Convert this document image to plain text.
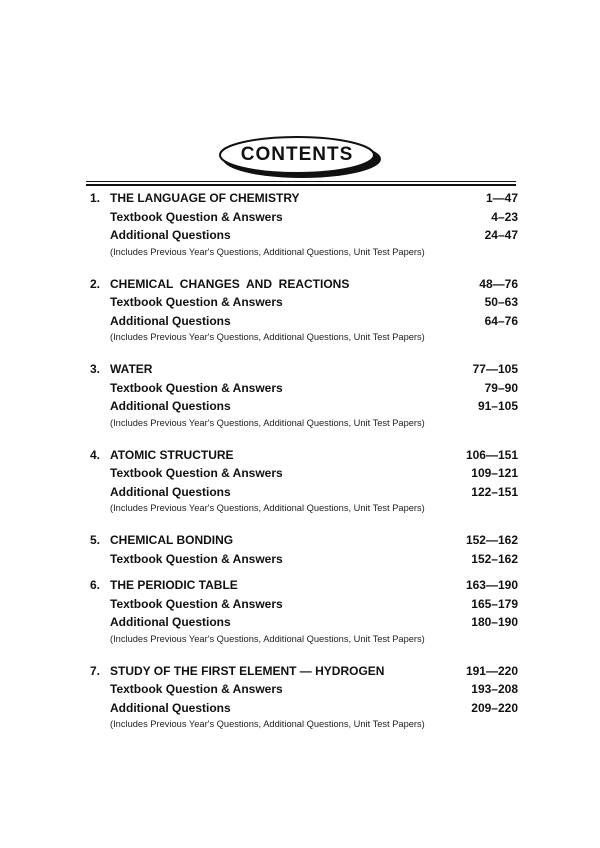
CONTENTS
1. THE LANGUAGE OF CHEMISTRY	1—47
Textbook Question & Answers	4–23
Additional Questions	24–47
(Includes Previous Year's Questions, Additional Questions, Unit Test Papers)
2. CHEMICAL  CHANGES  AND  REACTIONS	48—76
Textbook Question & Answers	50–63
Additional Questions	64–76
(Includes Previous Year's Questions, Additional Questions, Unit Test Papers)
3. WATER	77—105
Textbook Question & Answers	79–90
Additional Questions	91–105
(Includes Previous Year's Questions, Additional Questions, Unit Test Papers)
4. ATOMIC STRUCTURE	106—151
Textbook Question & Answers	109–121
Additional Questions	122–151
(Includes Previous Year's Questions, Additional Questions, Unit Test Papers)
5. CHEMICAL BONDING	152—162
Textbook Question & Answers	152–162
6. THE PERIODIC TABLE	163—190
Textbook Question & Answers	165–179
Additional Questions	180–190
(Includes Previous Year's Questions, Additional Questions, Unit Test Papers)
7. STUDY OF THE FIRST ELEMENT — HYDROGEN	191—220
Textbook Question & Answers	193–208
Additional Questions	209–220
(Includes Previous Year's Questions, Additional Questions, Unit Test Papers)
